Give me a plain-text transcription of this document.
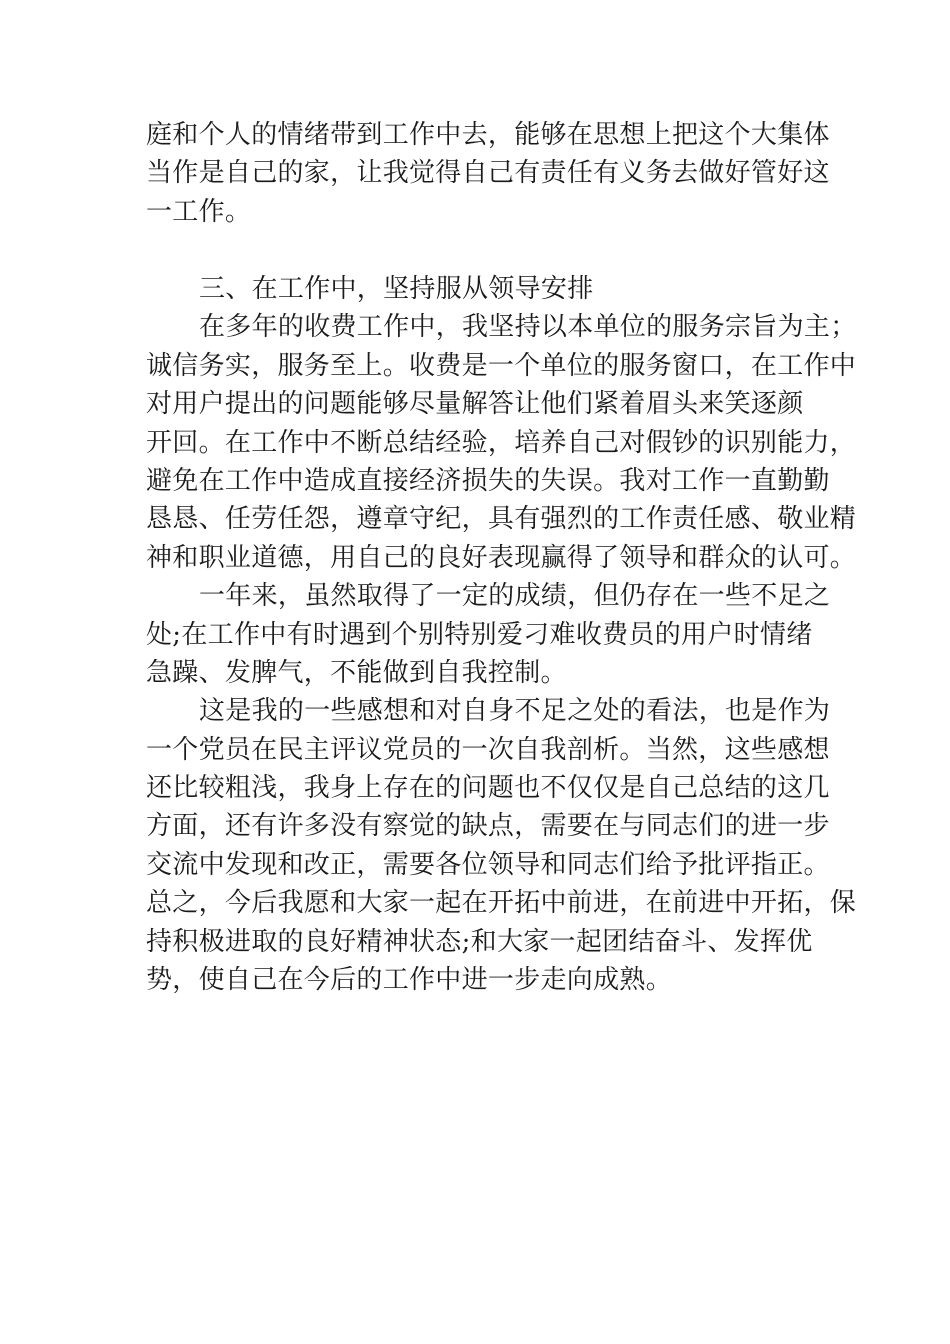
庭和个人的情绪带到工作中去，能够在思想上把这个大集体
当作是自己的家，让我觉得自己有责任有义务去做好管好这
一工作。
三、在工作中，坚持服从领导安排
在多年的收费工作中，我坚持以本单位的服务宗旨为主；
诚信务实，服务至上。收费是一个单位的服务窗口，在工作中
对用户提出的问题能够尽量解答让他们紧着眉头来笑逐颜
开回。在工作中不断总结经验，培养自己对假钞的识别能力，
避免在工作中造成直接经济损失的失误。我对工作一直勤勤
恳恳、任劳任怨，遵章守纪，具有强烈的工作责任感、敬业精
神和职业道德，用自己的良好表现赢得了领导和群众的认可。
一年来，虽然取得了一定的成绩，但仍存在一些不足之
处;在工作中有时遇到个别特别爱刁难收费员的用户时情绪
急躁、发脾气，不能做到自我控制。
这是我的一些感想和对自身不足之处的看法，也是作为
一个党员在民主评议党员的一次自我剖析。当然，这些感想
还比较粗浅，我身上存在的问题也不仅仅是自己总结的这几
方面，还有许多没有察觉的缺点，需要在与同志们的进一步
交流中发现和改正，需要各位领导和同志们给予批评指正。
总之，今后我愿和大家一起在开拓中前进，在前进中开拓，保
持积极进取的良好精神状态;和大家一起团结奋斗、发挥优
势，使自己在今后的工作中进一步走向成熟。
